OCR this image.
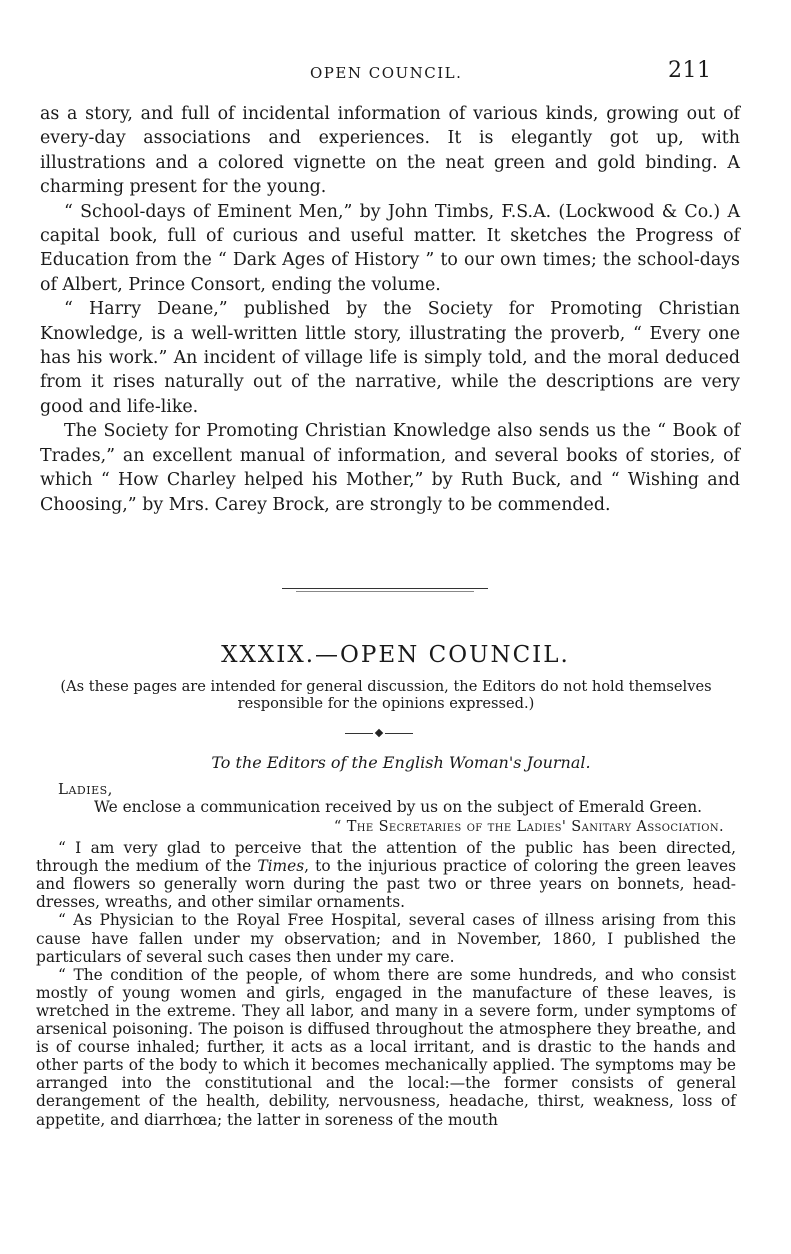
OPEN COUNCIL.	211

as a story, and full of incidental information of various kinds, growing out of every-day associations and experiences. It is elegantly got up, with illustrations and a colored vignette on the neat green and gold binding. A charming present for the young.

“ School-days of Eminent Men,” by John Timbs, F.S.A. (Lockwood & Co.) A capital book, full of curious and useful matter. It sketches the Progress of Education from the “ Dark Ages of History ” to our own times; the school-days of Albert, Prince Consort, ending the volume.

“ Harry Deane,” published by the Society for Promoting Christian Knowledge, is a well-written little story, illustrating the proverb, “ Every one has his work.” An incident of village life is simply told, and the moral deduced from it rises naturally out of the narrative, while the descriptions are very good and life-like.

The Society for Promoting Christian Knowledge also sends us the “ Book of Trades,” an excellent manual of information, and several books of stories, of which “ How Charley helped his Mother,” by Ruth Buck, and “ Wishing and Choosing,” by Mrs. Carey Brock, are strongly to be commended.

XXXIX.—OPEN COUNCIL.
(As these pages are intended for general discussion, the Editors do not hold themselves responsible for the opinions expressed.)
To the Editors of the English Woman's Journal.
Ladies,

We enclose a communication received by us on the subject of Emerald Green.

“ The Secretaries of the Ladies' Sanitary Association.

“ I am very glad to perceive that the attention of the public has been directed, through the medium of the Times, to the injurious practice of coloring the green leaves and flowers so generally worn during the past two or three years on bonnets, head-dresses, wreaths, and other similar ornaments.

“ As Physician to the Royal Free Hospital, several cases of illness arising from this cause have fallen under my observation; and in November, 1860, I published the particulars of several such cases then under my care.

“ The condition of the people, of whom there are some hundreds, and who consist mostly of young women and girls, engaged in the manufacture of these leaves, is wretched in the extreme. They all labor, and many in a severe form, under symptoms of arsenical poisoning. The poison is diffused throughout the atmosphere they breathe, and is of course inhaled; further, it acts as a local irritant, and is drastic to the hands and other parts of the body to which it becomes mechanically applied. The symptoms may be arranged into the constitutional and the local:—the former consists of general derangement of the health, debility, nervousness, headache, thirst, weakness, loss of appetite, and diarrhœa; the latter in soreness of the mouth
